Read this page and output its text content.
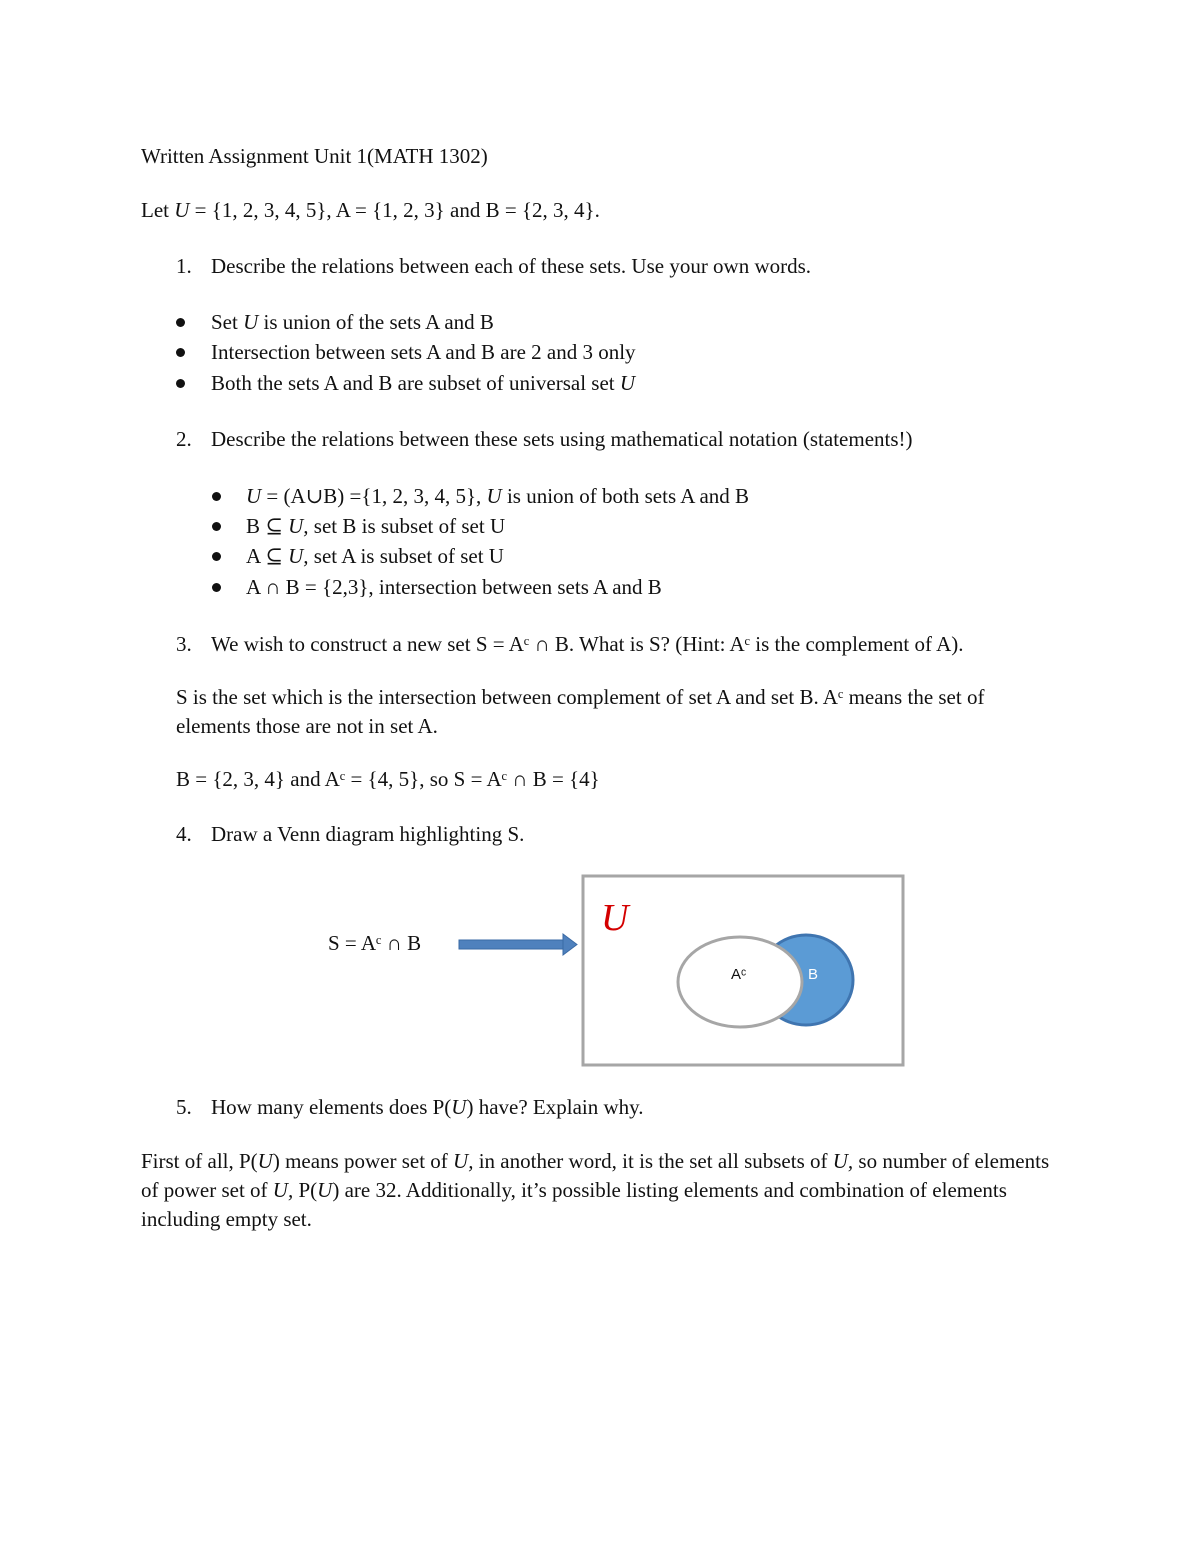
Written Assignment Unit 1(MATH 1302)
Let U = {1, 2, 3, 4, 5}, A = {1, 2, 3} and B = {2, 3, 4}.
1. Describe the relations between each of these sets. Use your own words.
Set U is union of the sets A and B
Intersection between sets A and B are 2 and 3 only
Both the sets A and B are subset of universal set U
2. Describe the relations between these sets using mathematical notation (statements!)
U = (A∪B) ={1, 2, 3, 4, 5}, U is union of both sets A and B
B ⊆ U, set B is subset of set U
A ⊆ U, set A is subset of set U
A ∩ B = {2,3}, intersection between sets A and B
3. We wish to construct a new set S = Aᶜ ∩ B. What is S? (Hint: Aᶜ is the complement of A).
S is the set which is the intersection between complement of set A and set B. Aᶜ means the set of elements those are not in set A.
B = {2, 3, 4} and Aᶜ = {4, 5}, so S = Aᶜ ∩ B = {4}
4. Draw a Venn diagram highlighting S.
S = Aᶜ ∩ B
U
Aᶜ	B
5. How many elements does P(U) have? Explain why.
First of all, P(U) means power set of U, in another word, it is the set all subsets of U, so number of elements of power set of U, P(U) are 32. Additionally, it’s possible listing elements and combination of elements including empty set.
